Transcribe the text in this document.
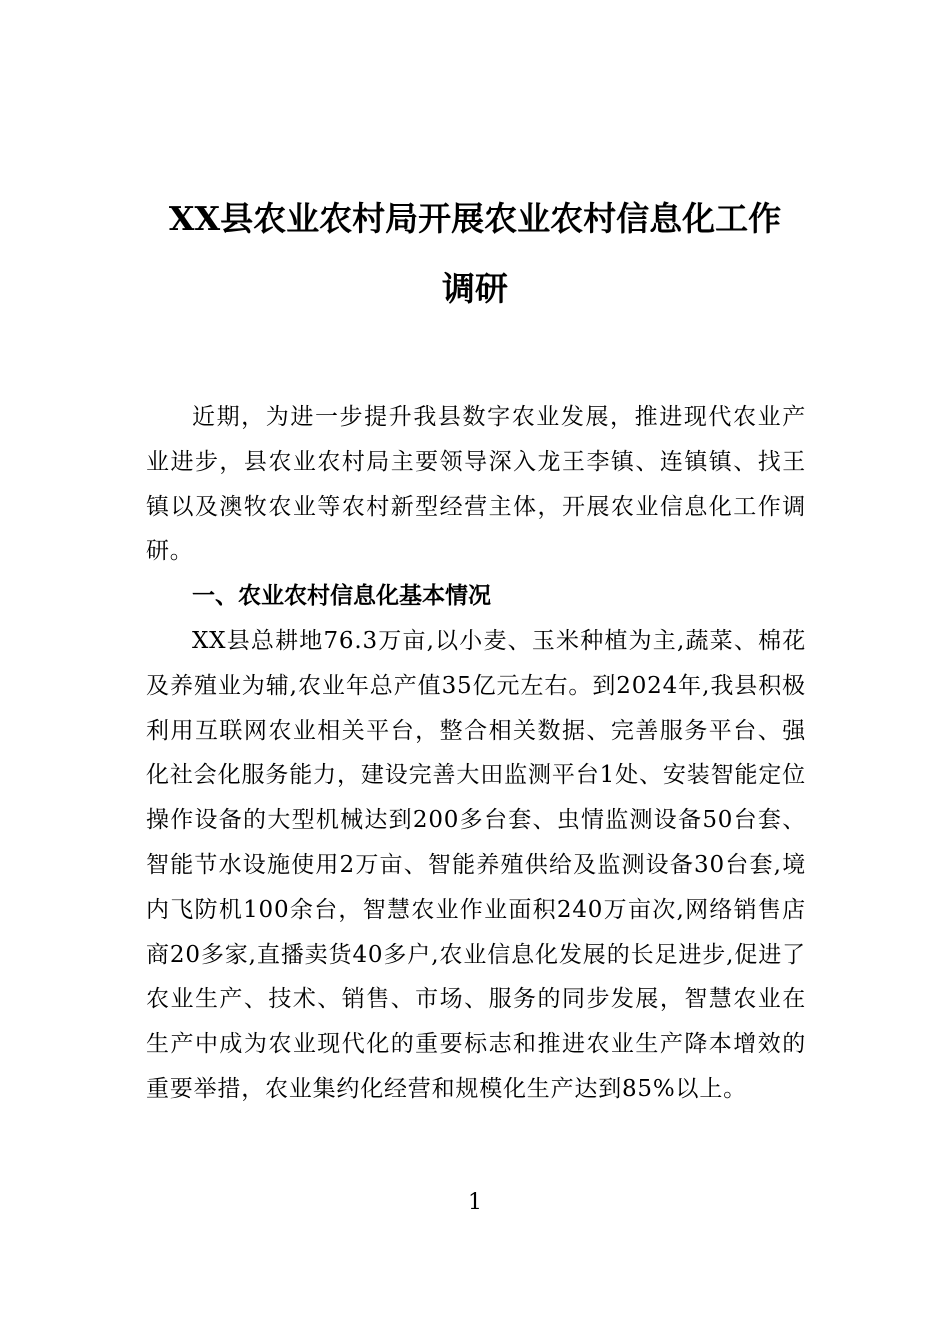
XX县农业农村局开展农业农村信息化工作
调研

近期，为进一步提升我县数字农业发展，推进现代农业产业进步，县农业农村局主要领导深入龙王李镇、连镇镇、找王镇以及澳牧农业等农村新型经营主体，开展农业信息化工作调研。

一、农业农村信息化基本情况

XX县总耕地76.3万亩,以小麦、玉米种植为主,蔬菜、棉花及养殖业为辅,农业年总产值35亿元左右。到2024年,我县积极利用互联网农业相关平台，整合相关数据、完善服务平台、强化社会化服务能力，建设完善大田监测平台1处、安装智能定位操作设备的大型机械达到200多台套、虫情监测设备50台套、智能节水设施使用2万亩、智能养殖供给及监测设备30台套,境内飞防机100余台，智慧农业作业面积240万亩次,网络销售店商20多家,直播卖货40多户,农业信息化发展的长足进步,促进了农业生产、技术、销售、市场、服务的同步发展，智慧农业在生产中成为农业现代化的重要标志和推进农业生产降本增效的重要举措，农业集约化经营和规模化生产达到85%以上。

1
